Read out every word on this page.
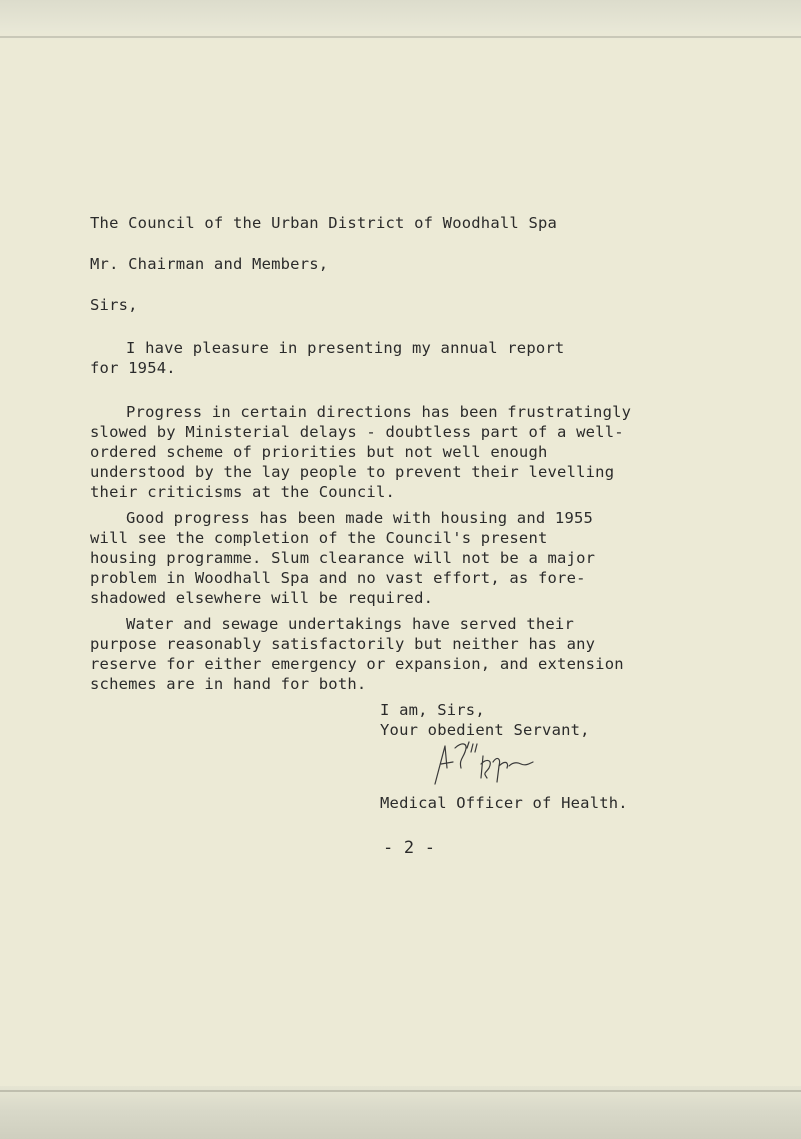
The Council of the Urban District of Woodhall Spa
Mr. Chairman and Members,
Sirs,
I have pleasure in presenting my annual report
for 1954.
Progress in certain directions has been frustratingly
slowed by Ministerial delays - doubtless part of a well-
ordered scheme of priorities but not well enough
understood by the lay people to prevent their levelling
their criticisms at the Council.
Good progress has been made with housing and 1955
will see the completion of the Council's present
housing programme. Slum clearance will not be a major
problem in Woodhall Spa and no vast effort, as fore-
shadowed elsewhere will be required.
Water and sewage undertakings have served their
purpose reasonably satisfactorily but neither has any
reserve for either emergency or expansion, and extension
schemes are in hand for both.
I am, Sirs,
Your obedient Servant,
Medical Officer of Health.
- 2 -
